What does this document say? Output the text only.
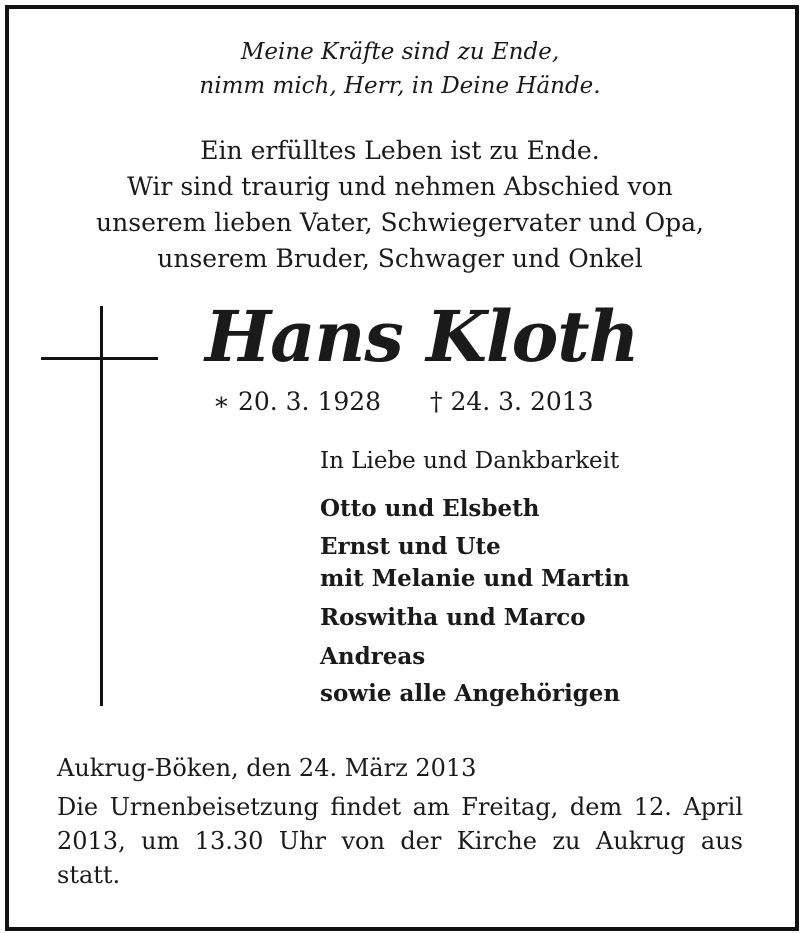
Meine Kräfte sind zu Ende,
nimm mich, Herr, in Deine Hände.
Ein erfülltes Leben ist zu Ende.
Wir sind traurig und nehmen Abschied von
unserem lieben Vater, Schwiegervater und Opa,
unserem Bruder, Schwager und Onkel
Hans Kloth
∗ 20. 3. 1928 † 24. 3. 2013
In Liebe und Dankbarkeit
Otto und Elsbeth
Ernst und Ute
mit Melanie und Martin
Roswitha und Marco
Andreas
sowie alle Angehörigen
Aukrug-Böken, den 24. März 2013
Die Urnenbeisetzung findet am Freitag, dem 12. April 2013, um 13.30 Uhr von der Kirche zu Aukrug aus statt.
